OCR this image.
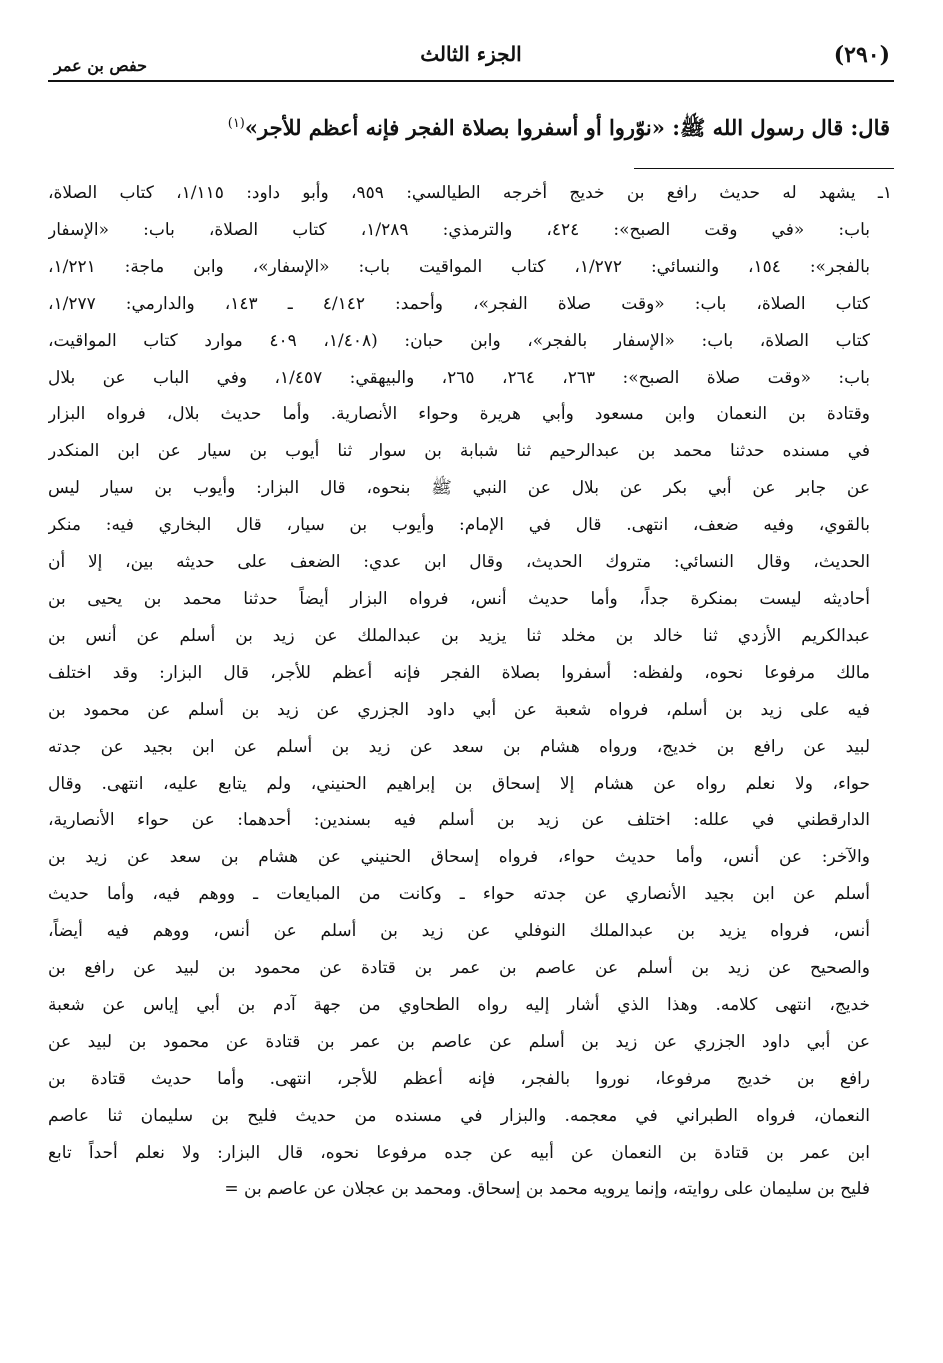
(٢٩٠)
الجزء الثالث
حفص بن عمر
قال: قال رسول الله ﷺ: «نوّروا أو أسفروا بصلاة الفجر فإنه أعظم للأجر»$^{(١)}$
١ـ يشهد له حديث رافع بن خديج أخرجه الطيالسي: ٩٥٩، وأبو داود: ١/١١٥، كتاب الصلاة،
باب: «في وقت الصبح»: ٤٢٤، والترمذي: ١/٢٨٩، كتاب الصلاة، باب: «الإسفار
بالفجر»: ١٥٤، والنسائي: ١/٢٧٢، كتاب المواقيت باب: «الإسفار»، وابن ماجة: ١/٢٢١،
كتاب الصلاة، باب: «وقت صلاة الفجر»، وأحمد: ٤/١٤٢ ـ ١٤٣، والدارمي: ١/٢٧٧،
كتاب الصلاة، باب: «الإسفار بالفجر»، وابن حبان: (١/٤٠٨، ٤٠٩ موارد كتاب المواقيت،
باب: «وقت صلاة الصبح»: ٢٦٣، ٢٦٤، ٢٦٥، والبيهقي: ١/٤٥٧، وفي الباب عن بلال
وقتادة بن النعمان وابن مسعود وأبي هريرة وحواء الأنصارية. وأما حديث بلال، فرواه البزار
في مسنده حدثنا محمد بن عبدالرحيم ثنا شبابة بن سوار ثنا أيوب بن سيار عن ابن المنكدر
عن جابر عن أبي بكر عن بلال عن النبي ﷺ بنحوه، قال البزار: وأيوب بن سيار ليس
بالقوي، وفيه ضعف، انتهى. قال في الإمام: وأيوب بن سيار، قال البخاري فيه: منكر
الحديث، وقال النسائي: متروك الحديث، وقال ابن عدي: الضعف على حديثه بين، إلا أن
أحاديثه ليست بمنكرة جداً، وأما حديث أنس، فرواه البزار أيضاً حدثنا محمد بن يحيى بن
عبدالكريم الأزدي ثنا خالد بن مخلد ثنا يزيد بن عبدالملك عن زيد بن أسلم عن أنس بن
مالك مرفوعا نحوه، ولفظه: أسفروا بصلاة الفجر فإنه أعظم للأجر، قال البزار: وقد اختلف
فيه على زيد بن أسلم، فرواه شعبة عن أبي داود الجزري عن زيد بن أسلم عن محمود بن
لبيد عن رافع بن خديج، ورواه هشام بن سعد عن زيد بن أسلم عن ابن بجيد عن جدته
حواء، ولا نعلم رواه عن هشام إلا إسحاق بن إبراهيم الحنيني، ولم يتابع عليه، انتهى. وقال
الدارقطني في علله: اختلف عن زيد بن أسلم فيه بسندين: أحدهما: عن حواء الأنصارية،
والآخر: عن أنس، وأما حديث حواء، فرواه إسحاق الحنيني عن هشام بن سعد عن زيد بن
أسلم عن ابن بجيد الأنصاري عن جدته حواء ـ وكانت من المبايعات ـ ووهم فيه، وأما حديث
أنس، فرواه يزيد بن عبدالملك النوفلي عن زيد بن أسلم عن أنس، ووهم فيه أيضاً،
والصحيح عن زيد بن أسلم عن عاصم بن عمر بن قتادة عن محمود بن لبيد عن رافع بن
خديج، انتهى كلامه. وهذا الذي أشار إليه رواه الطحاوي من جهة آدم بن أبي إياس عن شعبة
عن أبي داود الجزري عن زيد بن أسلم عن عاصم بن عمر بن قتادة عن محمود بن لبيد عن
رافع بن خديج مرفوعا، نوروا بالفجر، فإنه أعظم للأجر، انتهى. وأما حديث قتادة بن
النعمان، فرواه الطبراني في معجمه. والبزار في مسنده من حديث فليح بن سليمان ثنا عاصم
ابن عمر بن قتادة بن النعمان عن أبيه عن جده مرفوعا نحوه، قال البزار: ولا نعلم أحداً تابع
فليح بن سليمان على روايته، وإنما يرويه محمد بن إسحاق. ومحمد بن عجلان عن عاصم بن =
